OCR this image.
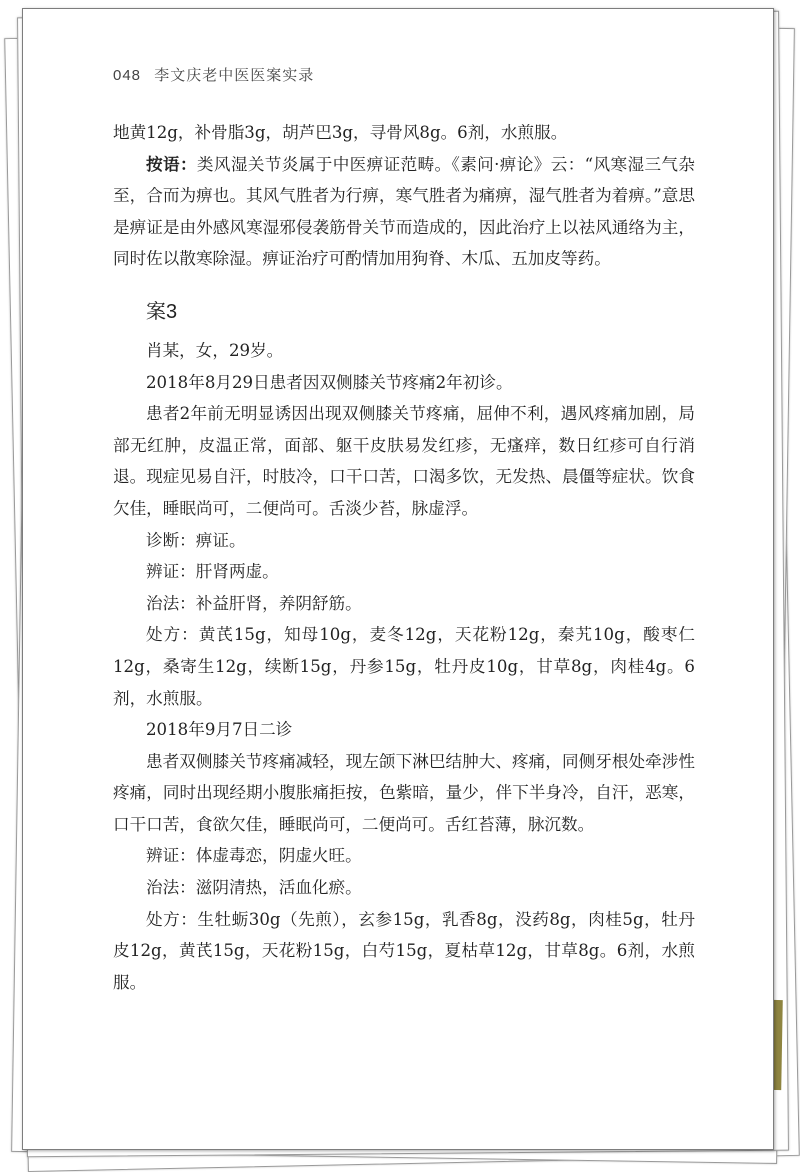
048 李文庆老中医医案实录

地黄12g，补骨脂3g，胡芦巴3g，寻骨风8g。6剂，水煎服。

按语：类风湿关节炎属于中医痹证范畴。《素问·痹论》云：“风寒湿三气杂至，合而为痹也。其风气胜者为行痹，寒气胜者为痛痹，湿气胜者为着痹。”意思是痹证是由外感风寒湿邪侵袭筋骨关节而造成的，因此治疗上以祛风通络为主，同时佐以散寒除湿。痹证治疗可酌情加用狗脊、木瓜、五加皮等药。

案3

肖某，女，29岁。

2018年8月29日患者因双侧膝关节疼痛2年初诊。

患者2年前无明显诱因出现双侧膝关节疼痛，屈伸不利，遇风疼痛加剧，局部无红肿，皮温正常，面部、躯干皮肤易发红疹，无瘙痒，数日红疹可自行消退。现症见易自汗，时肢冷，口干口苦，口渴多饮，无发热、晨僵等症状。饮食欠佳，睡眠尚可，二便尚可。舌淡少苔，脉虚浮。

诊断：痹证。

辨证：肝肾两虚。

治法：补益肝肾，养阴舒筋。

处方：黄芪15g，知母10g，麦冬12g，天花粉12g，秦艽10g，酸枣仁12g，桑寄生12g，续断15g，丹参15g，牡丹皮10g，甘草8g，肉桂4g。6剂，水煎服。

2018年9月7日二诊

患者双侧膝关节疼痛减轻，现左颌下淋巴结肿大、疼痛，同侧牙根处牵涉性疼痛，同时出现经期小腹胀痛拒按，色紫暗，量少，伴下半身冷，自汗，恶寒，口干口苦，食欲欠佳，睡眠尚可，二便尚可。舌红苔薄，脉沉数。

辨证：体虚毒恋，阴虚火旺。

治法：滋阴清热，活血化瘀。

处方：生牡蛎30g（先煎），玄参15g，乳香8g，没药8g，肉桂5g，牡丹皮12g，黄芪15g，天花粉15g，白芍15g，夏枯草12g，甘草8g。6剂，水煎服。
